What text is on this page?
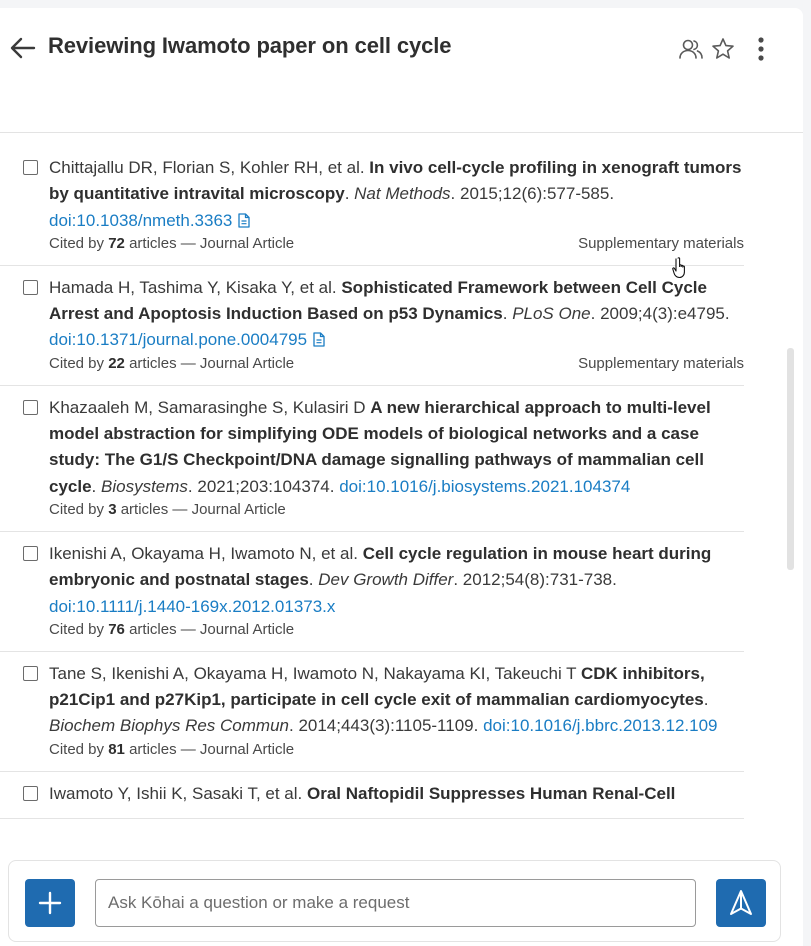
Reviewing Iwamoto paper on cell cycle
Chittajallu DR, Florian S, Kohler RH, et al. In vivo cell-cycle profiling in xenograft tumors by quantitative intravital microscopy. Nat Methods. 2015;12(6):577-585. doi:10.1038/nmeth.3363
Cited by 72 articles — Journal Article	Supplementary materials
Hamada H, Tashima Y, Kisaka Y, et al. Sophisticated Framework between Cell Cycle Arrest and Apoptosis Induction Based on p53 Dynamics. PLoS One. 2009;4(3):e4795. doi:10.1371/journal.pone.0004795
Cited by 22 articles — Journal Article	Supplementary materials
Khazaaleh M, Samarasinghe S, Kulasiri D A new hierarchical approach to multi-level model abstraction for simplifying ODE models of biological networks and a case study: The G1/S Checkpoint/DNA damage signalling pathways of mammalian cell cycle. Biosystems. 2021;203:104374. doi:10.1016/j.biosystems.2021.104374
Cited by 3 articles — Journal Article
Ikenishi A, Okayama H, Iwamoto N, et al. Cell cycle regulation in mouse heart during embryonic and postnatal stages. Dev Growth Differ. 2012;54(8):731-738. doi:10.1111/j.1440-169x.2012.01373.x
Cited by 76 articles — Journal Article
Tane S, Ikenishi A, Okayama H, Iwamoto N, Nakayama KI, Takeuchi T CDK inhibitors, p21Cip1 and p27Kip1, participate in cell cycle exit of mammalian cardiomyocytes. Biochem Biophys Res Commun. 2014;443(3):1105-1109. doi:10.1016/j.bbrc.2013.12.109
Cited by 81 articles — Journal Article
Iwamoto Y, Ishii K, Sasaki T, et al. Oral Naftopidil Suppresses Human Renal-Cell
Ask Kōhai a question or make a request
